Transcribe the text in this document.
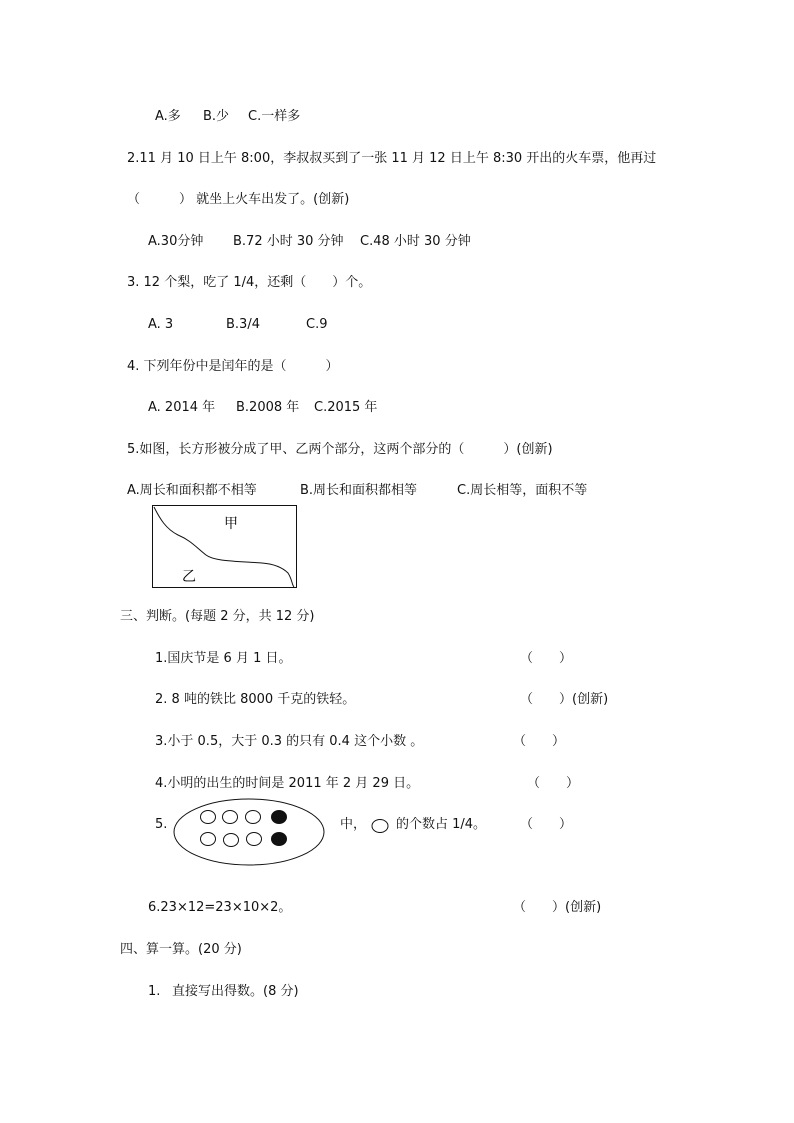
A.多 B.少 C.一样多
2.11 月 10 日上午 8:00，李叔叔买到了一张 11 月 12 日上午 8:30 开出的火车票，他再过
（　　　） 就坐上火车出发了。(创新)
A.30分钟 B.72 小时 30 分钟 C.48 小时 30 分钟
3. 12 个梨，吃了 1/4，还剩（　　）个。
A. 3	B.3/4	C.9
4. 下列年份中是闰年的是（　　　）
A. 2014 年 B.2008 年 C.2015 年
5.如图，长方形被分成了甲、乙两个部分，这两个部分的（　　　）(创新)
A.周长和面积都不相等	B.周长和面积都相等	C.周长相等，面积不等
甲
乙
三、判断。(每题 2 分，共 12 分)
1.国庆节是 6 月 1 日。	（　　）
2. 8 吨的铁比 8000 千克的铁轻。	（　　）(创新)
3.小于 0.5，大于 0.3 的只有 0.4 这个小数 。	（　　）
4.小明的出生的时间是 2011 年 2 月 29 日。	（　　）
5.	中， 的个数占 1/4。	（　　）
6.23×12=23×10×2。	（　　）(创新)
四、算一算。(20 分)
1. 直接写出得数。(8 分)
